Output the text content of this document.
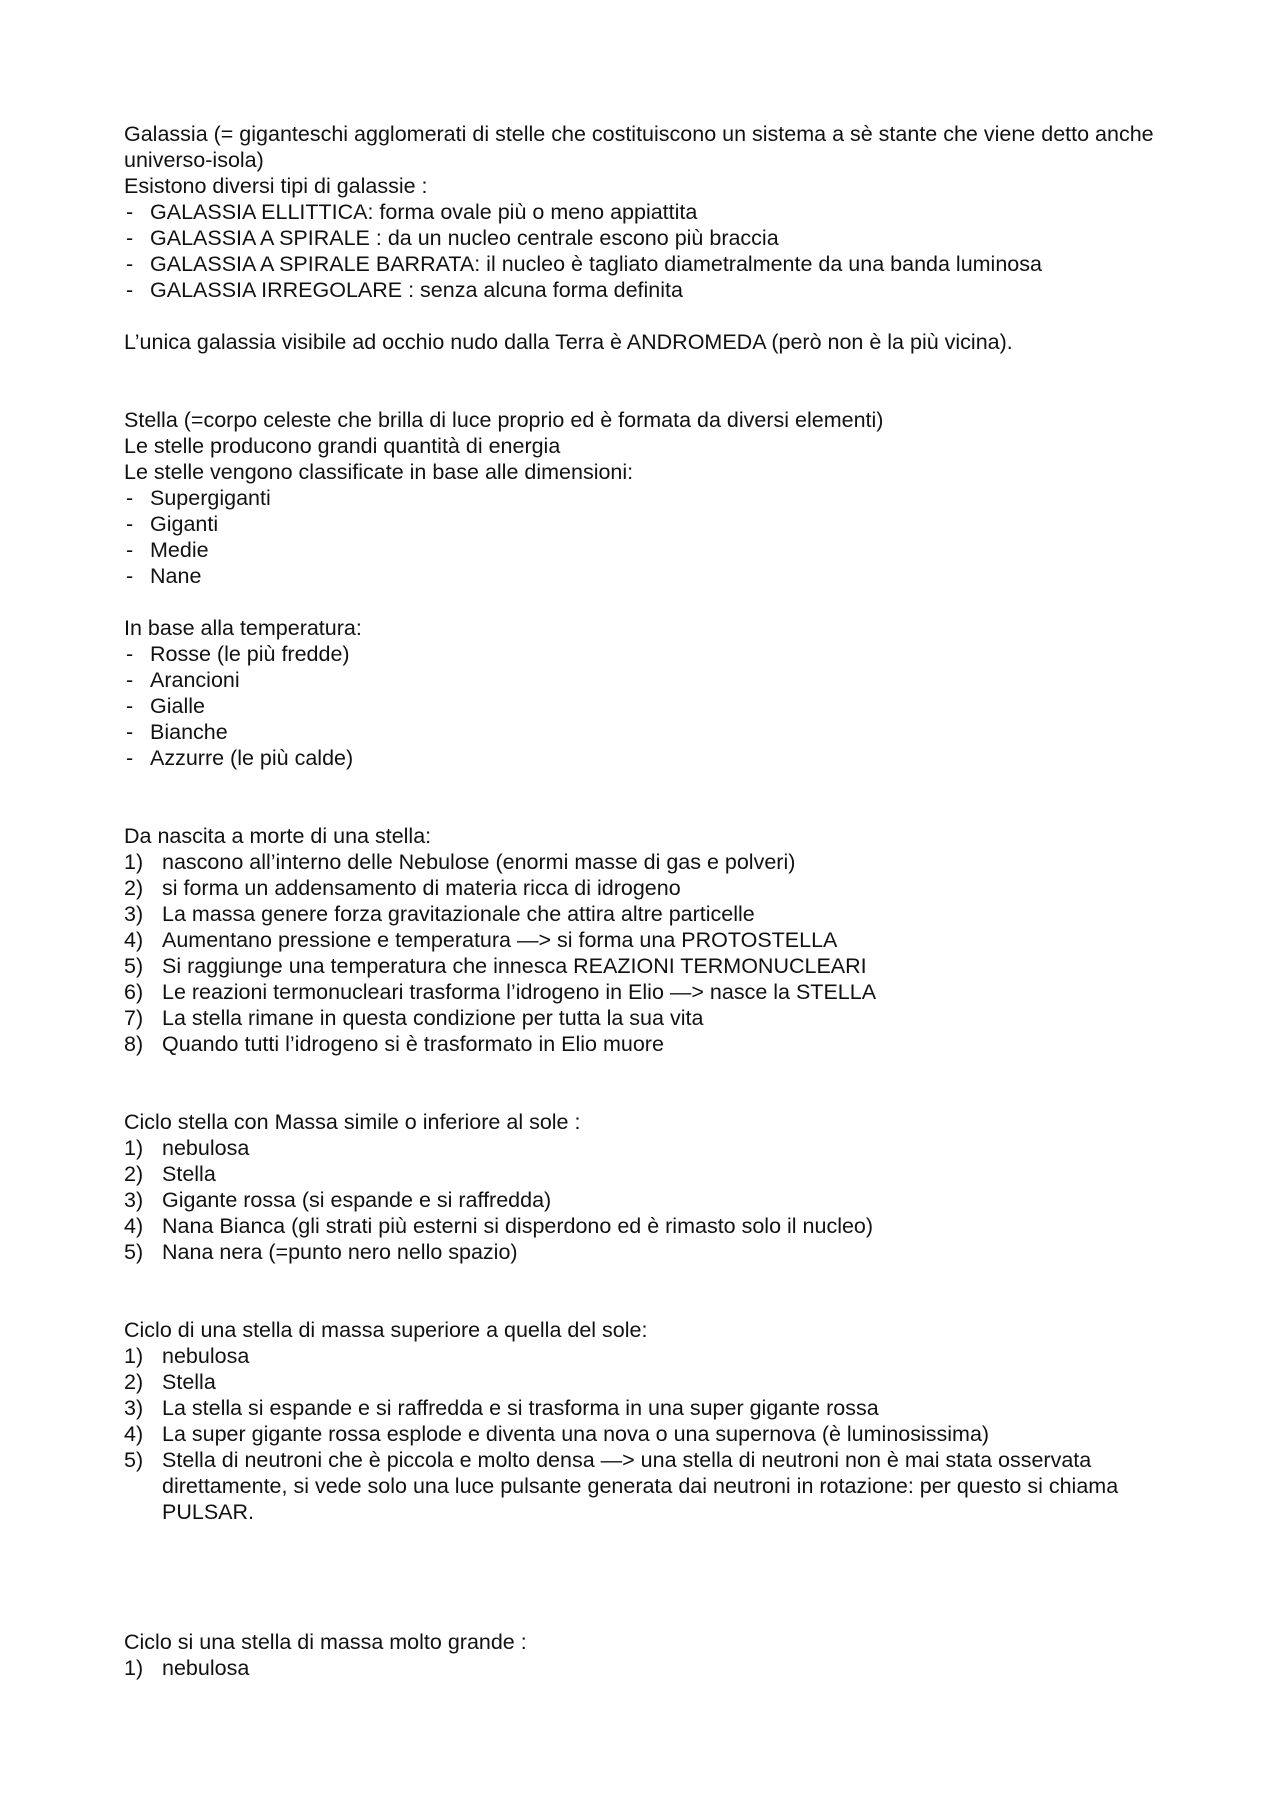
Galassia (= giganteschi agglomerati di stelle che costituiscono un sistema a sè stante che viene detto anche universo-isola)

Esistono diversi tipi di galassie :

- GALASSIA ELLITTICA: forma ovale più o meno appiattita
- GALASSIA A SPIRALE : da un nucleo centrale escono più braccia
- GALASSIA A SPIRALE BARRATA: il nucleo è tagliato diametralmente da una banda luminosa
- GALASSIA IRREGOLARE : senza alcuna forma definita

L’unica galassia visibile ad occhio nudo dalla Terra è ANDROMEDA (però non è la più vicina).

Stella (=corpo celeste che brilla di luce proprio ed è formata da diversi elementi)

Le stelle producono grandi quantità di energia

Le stelle vengono classificate in base alle dimensioni:

- Supergiganti
- Giganti
- Medie
- Nane

In base alla temperatura:

- Rosse (le più fredde)
- Arancioni
- Gialle
- Bianche
- Azzurre (le più calde)

Da nascita a morte di una stella:

1) nascono all’interno delle Nebulose (enormi masse di gas e polveri)
2) si forma un addensamento di materia ricca di idrogeno
3) La massa genere forza gravitazionale che attira altre particelle
4) Aumentano pressione e temperatura —> si forma una PROTOSTELLA
5) Si raggiunge una temperatura che innesca REAZIONI TERMONUCLEARI
6) Le reazioni termonucleari trasforma l’idrogeno in Elio —> nasce la STELLA
7) La stella rimane in questa condizione per tutta la sua vita
8) Quando tutti l’idrogeno si è trasformato in Elio muore

Ciclo stella con Massa simile o inferiore al sole :

1) nebulosa
2) Stella
3) Gigante rossa (si espande e si raffredda)
4) Nana Bianca (gli strati più esterni si disperdono ed è rimasto solo il nucleo)
5) Nana nera (=punto nero nello spazio)

Ciclo di una stella di massa superiore a quella del sole:

1) nebulosa
2) Stella
3) La stella si espande e si raffredda e si trasforma in una super gigante rossa
4) La super gigante rossa esplode e diventa una nova o una supernova (è luminosissima)
5) Stella di neutroni che è piccola e molto densa —> una stella di neutroni non è mai stata osservata direttamente, si vede solo una luce pulsante generata dai neutroni in rotazione: per questo si chiama PULSAR.

Ciclo si una stella di massa molto grande :

1) nebulosa
